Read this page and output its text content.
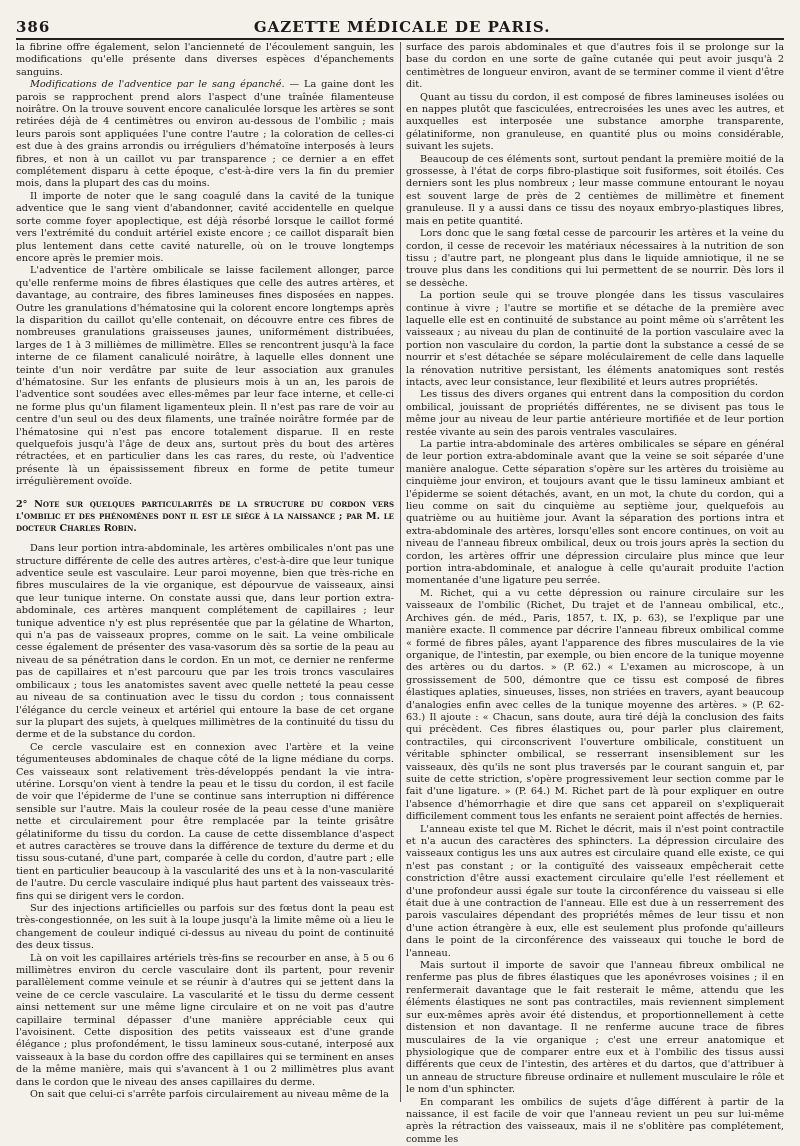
386	GAZETTE MÉDICALE DE PARIS.

la fibrine offre également, selon l'ancienneté de l'écoulement sanguin, les modifications qu'elle présente dans diverses espèces d'épanchements sanguins.

Modifications de l'adventice par le sang épanché. — La gaine dont les parois se rapprochent prend alors l'aspect d'une traînée filamenteuse noirâtre. On la trouve souvent encore canaliculée lorsque les artères se sont retirées déjà de 4 centimètres ou environ au-dessous de l'ombilic ; mais leurs parois sont appliquées l'une contre l'autre ; la coloration de celles-ci est due à des grains arrondis ou irréguliers d'hématoïne interposés à leurs fibres, et non à un caillot vu par transparence ; ce dernier a en effet complétement disparu à cette époque, c'est-à-dire vers la fin du premier mois, dans la plupart des cas du moins.

Il importe de noter que le sang coagulé dans la cavité de la tunique adventice que le sang vient d'abandonner, cavité accidentelle en quelque sorte comme foyer apoplectique, est déjà résorbé lorsque le caillot formé vers l'extrémité du conduit artériel existe encore ; ce caillot disparaît bien plus lentement dans cette cavité naturelle, où on le trouve longtemps encore après le premier mois.

L'adventice de l'artère ombilicale se laisse facilement allonger, parce qu'elle renferme moins de fibres élastiques que celle des autres artères, et davantage, au contraire, des fibres lamineuses fines disposées en nappes. Outre les granulations d'hématosine qui la colorent encore longtemps après la disparition du caillot qu'elle contenait, on découvre entre ces fibres de nombreuses granulations graisseuses jaunes, uniformément distribuées, larges de 1 à 3 millièmes de millimètre. Elles se rencontrent jusqu'à la face interne de ce filament canaliculé noirâtre, à laquelle elles donnent une teinte d'un noir verdâtre par suite de leur association aux granules d'hématosine. Sur les enfants de plusieurs mois à un an, les parois de l'adventice sont soudées avec elles-mêmes par leur face interne, et celle-ci ne forme plus qu'un filament ligamenteux plein. Il n'est pas rare de voir au centre d'un seul ou des deux filaments, une traînée noirâtre formée par de l'hématosine qui n'est pas encore totalement disparue. Il en reste quelquefois jusqu'à l'âge de deux ans, surtout près du bout des artères rétractées, et en particulier dans les cas rares, du reste, où l'adventice présente là un épaississement fibreux en forme de petite tumeur irrégulièrement ovoïde.

2° Note sur quelques particularités de la structure du cordon vers l'ombilic et des phénomènes dont il est le siége à la naissance ; par M. le docteur Charles Robin.

Dans leur portion intra-abdominale, les artères ombilicales n'ont pas une structure différente de celle des autres artères, c'est-à-dire que leur tunique adventice seule est vasculaire. Leur paroi moyenne, bien que très-riche en fibres musculaires de la vie organique, est dépourvue de vaisseaux, ainsi que leur tunique interne. On constate aussi que, dans leur portion extra-abdominale, ces artères manquent complétement de capillaires ; leur tunique adventice n'y est plus représentée que par la gélatine de Wharton, qui n'a pas de vaisseaux propres, comme on le sait. La veine ombilicale cesse également de présenter des vasa-vasorum dès sa sortie de la peau au niveau de sa pénétration dans le cordon. En un mot, ce dernier ne renferme pas de capillaires et n'est parcouru que par les trois troncs vasculaires ombilicaux ; tous les anatomistes savent avec quelle netteté la peau cesse au niveau de sa continuation avec le tissu du cordon ; tous connaissent l'élégance du cercle veineux et artériel qui entoure la base de cet organe sur la plupart des sujets, à quelques millimètres de la continuité du tissu du derme et de la substance du cordon.

Ce cercle vasculaire est en connexion avec l'artère et la veine tégumenteuses abdominales de chaque côté de la ligne médiane du corps. Ces vaisseaux sont relativement très-développés pendant la vie intra-utérine. Lorsqu'on vient à tendre la peau et le tissu du cordon, il est facile de voir que l'épiderme de l'une se continue sans interruption ni différence sensible sur l'autre. Mais la couleur rosée de la peau cesse d'une manière nette et circulairement pour être remplacée par la teinte grisâtre gélatiniforme du tissu du cordon. La cause de cette dissemblance d'aspect et autres caractères se trouve dans la différence de texture du derme et du tissu sous-cutané, d'une part, comparée à celle du cordon, d'autre part ; elle tient en particulier beaucoup à la vascularité des uns et à la non-vascularité de l'autre. Du cercle vasculaire indiqué plus haut partent des vaisseaux très-fins qui se dirigent vers le cordon.

Sur des injections artificielles ou parfois sur des fœtus dont la peau est très-congestionnée, on les suit à la loupe jusqu'à la limite même où a lieu le changement de couleur indiqué ci-dessus au niveau du point de continuité des deux tissus.

Là on voit les capillaires artériels très-fins se recourber en anse, à 5 ou 6 millimètres environ du cercle vasculaire dont ils partent, pour revenir parallèlement comme veinule et se réunir à d'autres qui se jettent dans la veine de ce cercle vasculaire. La vascularité et le tissu du derme cessent ainsi nettement sur une même ligne circulaire et on ne voit pas d'autre capillaire terminal dépasser d'une manière appréciable ceux qui l'avoisinent. Cette disposition des petits vaisseaux est d'une grande élégance ; plus profondément, le tissu lamineux sous-cutané, interposé aux vaisseaux à la base du cordon offre des capillaires qui se terminent en anses de la même manière, mais qui s'avancent à 1 ou 2 millimètres plus avant dans le cordon que le niveau des anses capillaires du derme.

On sait que celui-ci s'arrête parfois circulairement au niveau même de la

surface des parois abdominales et que d'autres fois il se prolonge sur la base du cordon en une sorte de gaîne cutanée qui peut avoir jusqu'à 2 centimètres de longueur environ, avant de se terminer comme il vient d'être dit.

Quant au tissu du cordon, il est composé de fibres lamineuses isolées ou en nappes plutôt que fasciculées, entrecroisées les unes avec les autres, et auxquelles est interposée une substance amorphe transparente, gélatiniforme, non granuleuse, en quantité plus ou moins considérable, suivant les sujets.

Beaucoup de ces éléments sont, surtout pendant la première moitié de la grossesse, à l'état de corps fibro-plastique soit fusiformes, soit étoilés. Ces derniers sont les plus nombreux ; leur masse commune entourant le noyau est souvent large de près de 2 centièmes de millimètre et finement granuleuse. Il y a aussi dans ce tissu des noyaux embryo-plastiques libres, mais en petite quantité.

Lors donc que le sang fœtal cesse de parcourir les artères et la veine du cordon, il cesse de recevoir les matériaux nécessaires à la nutrition de son tissu ; d'autre part, ne plongeant plus dans le liquide amniotique, il ne se trouve plus dans les conditions qui lui permettent de se nourrir. Dès lors il se dessèche.

La portion seule qui se trouve plongée dans les tissus vasculaires continue à vivre ; l'autre se mortifie et se détache de la première avec laquelle elle est en continuité de substance au point même où s'arrêtent les vaisseaux ; au niveau du plan de continuité de la portion vasculaire avec la portion non vasculaire du cordon, la partie dont la substance a cessé de se nourrir et s'est détachée se sépare moléculairement de celle dans laquelle la rénovation nutritive persistant, les éléments anatomiques sont restés intacts, avec leur consistance, leur flexibilité et leurs autres propriétés.

Les tissus des divers organes qui entrent dans la composition du cordon ombilical, jouissant de propriétés différentes, ne se divisent pas tous le même jour au niveau de leur partie antérieure mortifiée et de leur portion restée vivante au sein des parois ventrales vasculaires.

La partie intra-abdominale des artères ombilicales se sépare en général de leur portion extra-abdominale avant que la veine se soit séparée d'une manière analogue. Cette séparation s'opère sur les artères du troisième au cinquième jour environ, et toujours avant que le tissu lamineux ambiant et l'épiderme se soient détachés, avant, en un mot, la chute du cordon, qui a lieu comme on sait du cinquième au septième jour, quelquefois au quatrième ou au huitième jour. Avant la séparation des portions intra et extra-abdominale des artères, lorsqu'elles sont encore continues, on voit au niveau de l'anneau fibreux ombilical, deux ou trois jours après la section du cordon, les artères offrir une dépression circulaire plus mince que leur portion intra-abdominale, et analogue à celle qu'aurait produite l'action momentanée d'une ligature peu serrée.

M. Richet, qui a vu cette dépression ou rainure circulaire sur les vaisseaux de l'ombilic (Richet, Du trajet et de l'anneau ombilical, etc., Archives gén. de méd., Paris, 1857, t. IX, p. 63), se l'explique par une manière exacte. Il commence par décrire l'anneau fibreux ombilical comme « formé de fibres pâles, ayant l'apparence des fibres musculaires de la vie organique, de l'intestin, par exemple, ou bien encore de la tunique moyenne des artères ou du dartos. » (P. 62.) « L'examen au microscope, à un grossissement de 500, démontre que ce tissu est composé de fibres élastiques aplaties, sinueuses, lisses, non striées en travers, ayant beaucoup d'analogies enfin avec celles de la tunique moyenne des artères. » (P. 62-63.) Il ajoute : « Chacun, sans doute, aura tiré déjà la conclusion des faits qui précèdent. Ces fibres élastiques ou, pour parler plus clairement, contractiles, qui circonscrivent l'ouverture ombilicale, constituent un véritable sphincter ombilical, se resserrant insensiblement sur les vaisseaux, dès qu'ils ne sont plus traversés par le courant sanguin et, par suite de cette striction, s'opère progressivement leur section comme par le fait d'une ligature. » (P. 64.) M. Richet part de là pour expliquer en outre l'absence d'hémorrhagie et dire que sans cet appareil on s'expliquerait difficilement comment tous les enfants ne seraient point affectés de hernies.

L'anneau existe tel que M. Richet le décrit, mais il n'est point contractile et n'a aucun des caractères des sphincters. La dépression circulaire des vaisseaux contigus les uns aux autres est circulaire quand elle existe, ce qui n'est pas constant ; or la contiguïté des vaisseaux empêcherait cette constriction d'être aussi exactement circulaire qu'elle l'est réellement et d'une profondeur aussi égale sur toute la circonférence du vaisseau si elle était due à une contraction de l'anneau. Elle est due à un resserrement des parois vasculaires dépendant des propriétés mêmes de leur tissu et non d'une action étrangère à eux, elle est seulement plus profonde qu'ailleurs dans le point de la circonférence des vaisseaux qui touche le bord de l'anneau.

Mais surtout il importe de savoir que l'anneau fibreux ombilical ne renferme pas plus de fibres élastiques que les aponévroses voisines ; il en renfermerait davantage que le fait resterait le même, attendu que les éléments élastiques ne sont pas contractiles, mais reviennent simplement sur eux-mêmes après avoir été distendus, et proportionnellement à cette distension et non davantage. Il ne renferme aucune trace de fibres musculaires de la vie organique ; c'est une erreur anatomique et physiologique que de comparer entre eux et à l'ombilic des tissus aussi différents que ceux de l'intestin, des artères et du dartos, que d'attribuer à un anneau de structure fibreuse ordinaire et nullement musculaire le rôle et le nom d'un sphincter.

En comparant les ombilics de sujets d'âge différent à partir de la naissance, il est facile de voir que l'anneau revient un peu sur lui-même après la rétraction des vaisseaux, mais il ne s'oblitère pas complétement, comme les
